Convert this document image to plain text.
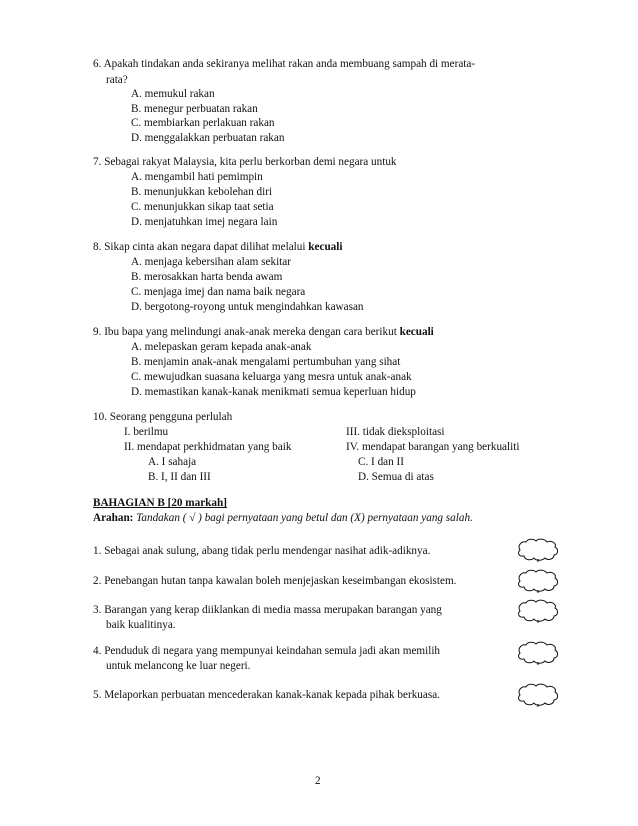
6. Apakah tindakan anda sekiranya melihat rakan anda membuang sampah di merata-
rata?
A. memukul rakan
B. menegur perbuatan rakan
C. membiarkan perlakuan rakan
D. menggalakkan perbuatan rakan
7. Sebagai rakyat Malaysia, kita perlu berkorban demi negara untuk
A. mengambil hati pemimpin
B. menunjukkan kebolehan diri
C. menunjukkan sikap taat setia
D. menjatuhkan imej negara lain
8. Sikap cinta akan negara dapat dilihat melalui kecuali
A. menjaga kebersihan alam sekitar
B. merosakkan harta benda awam
C. menjaga imej dan nama baik negara
D. bergotong-royong untuk mengindahkan kawasan
9. Ibu bapa yang melindungi anak-anak mereka dengan cara berikut kecuali
A. melepaskan geram kepada anak-anak
B. menjamin anak-anak mengalami pertumbuhan yang sihat
C. mewujudkan suasana keluarga yang mesra untuk anak-anak
D. memastikan kanak-kanak menikmati semua keperluan hidup
10. Seorang pengguna perlulah
I. berilmu	III. tidak dieksploitasi
II. mendapat perkhidmatan yang baik	IV. mendapat barangan yang berkualiti
A. I sahaja	C. I dan II
B. I, II dan III	D. Semua di atas
BAHAGIAN B [20 markah]
Arahan: Tandakan ( √ ) bagi pernyataan yang betul dan (X) pernyataan yang salah.
1. Sebagai anak sulung, abang tidak perlu mendengar nasihat adik-adiknya.
2. Penebangan hutan tanpa kawalan boleh menjejaskan keseimbangan ekosistem.
3. Barangan yang kerap diiklankan di media massa merupakan barangan yang
baik kualitinya.
4. Penduduk di negara yang mempunyai keindahan semula jadi akan memilih
untuk melancong ke luar negeri.
5. Melaporkan perbuatan mencederakan kanak-kanak kepada pihak berkuasa.
2
